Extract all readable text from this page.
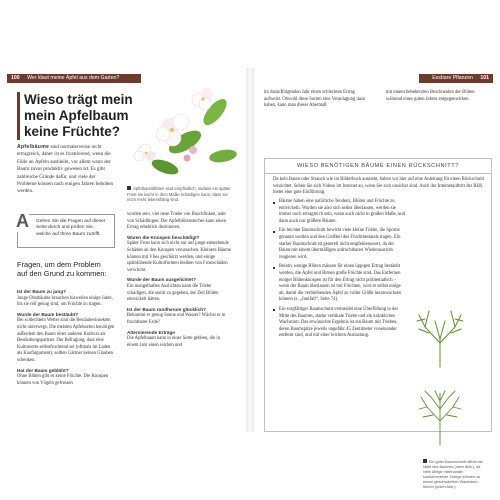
100 Wer klaut meine Äpfel aus dem Garten?
Wieso trägt mein mein Apfelbaum keine Früchte?
Apfelbäume sind normalerweise recht ertragreich, daher ist es frustrierend, wenn die Fülle an Äpfeln ausbleibt, vor allem wenn der Baum zuvor produktiv gewesen ist. Es gibt zahlreiche Gründe dafür, und viele der Probleme können nach einigen Jahren behoben werden.	Apfelbaumblüten sind empfindlich, sodass ein später Frost sie leicht in dem Maße schädigen kann, dass sie nicht mehr lebensfähig sind.
A Gehen Sie die Fragen auf dieser Seite durch und prüfen Sie, welche auf Ihren Baum zutrifft.
Fragen, um dem Problem auf den Grund zu kommen:

Ist der Baum zu jung?
Junge Obstbäume brauchen bisweilen einige Jahre, bis sie reif genug sind, um Früchte zu tragen.

Wurde der Baum bestäubt?
Bei schlechtem Wetter sind die Bestäuberinsekten nicht unterwegs. Die meisten Apfelsorten benötigen außerdem den Baum einer anderen Kultivar als Bestäubungspartner. Der Befragung, dass eine Kultursorte selbstfruchtend sei (oftmals im Laden als Kaufargument), sollten Gärtner keinen Glauben schenken.

Hat der Baum geblüht?
Ohne Blüten gibt es keine Früchte. Die Knospen können von Vögeln gefressen

worden sein, viel neue Triebe von Buschfinken, oder von Schädlingen. Der Apfelblütenstecher kann einen Ertrag erheblich dezimieren.

Waren die Knospen beschädigt?
Später Frost kann sich nicht nur auf junge entstehende Schäden an den Knospen verursachen. Kleinere Bäume können mit Vlies geschützt werden, und einige spätblühende Kulturformen bleiben von Frostschäden verschont.

Wurde der Baum ausgelichtet?
Ein mangelhaftes Auslichten kann die Triebe schädigen, die somit zu gegeben, der Zeit Blüten entwickelt hätten.

Ist der Baum rundherum glücklich?
Bekommt er genug Sonne und Wasser? Wächst er in fruchtbarer Erde?

Alternierende Erträge
Die Apfelbaum kann in einer Sorte gebben, die in einem Jahr einen reichen und

Essbare Pflanzen 101
im darauffolgenden Jahr einen schlechten Ertrag aufweist. Obwohl diese Sorten eine Veranlagung dazu haben, kann man dieser Abermaß
mit einem bebeherzten Beschneiden der Blüten während eines guten Jahres entgegenwirken.
WIESO BENÖTIGEN BÄUME EINEN RÜCKSCHNITT?
Da kein Baum oder Strauch wie im Bilderbuch aussieht, haben wir hier auf eine Anleitung für einen Rückschnitt verzichtet. Sehen Sie sich Videos im Internet an, wenn Sie sich unsicher sind. Auch der Internetauftritt der RHS bietet eine gute Einführung.
Bäume haben eine natürliche Tendenz, Blüten und Früchte zu entwickeln. Wurden sie also sich selbst überlassen, werden sie immer noch ertragreich sein, wenn auch nicht in großen Maße, und dann auch nur größere Bäume.
Ein leichter Baumschnitt bewirkt viele kleine Triebe, die Sporne genannt werden und den Großteil des Fruchtbestands tragen. Ein starker Baumschnitt ist generell nicht empfehlenswert, da der Baum mit einem übermäßigen unfruchtbaren Wiederaustrieb reagieren wird.
Relativ wenige Blüten müssen für einen üppigen Ertrag bestäubt werden, die Äpfel und Birnen große Früchte sind. Das Entfernen einiger Blütenknospen ist für den Ertrag nicht problematisch – wenn der Baum überlassen ist mit Früchten, wird er selbst einige ab, damit die verbleibenden Äpfel zu voller Größe heranwachsen können (s. „Junifall“, Seite 74).
Ein sorgfältiger Baumschnitt vermeidet eine Überfüllung in der Mitte des Baumes, starke vertikale Triebe und ein kränkliches Wachstum. Das erwünschte Ergebnis ist ein Baum mit Trieben, deren Baumspitze jeweils ungefähr 45 Zentimeter voneinander entfernt sind, und mit einer leichten Auslastung.
Ein guter Baumschnitt öffnet die Mitte des Baumes (oben Abb.), da viele übrige miteinander konkurrierende Zweige können zu einem geschwächten Wachstum führen (unten Abb.).
